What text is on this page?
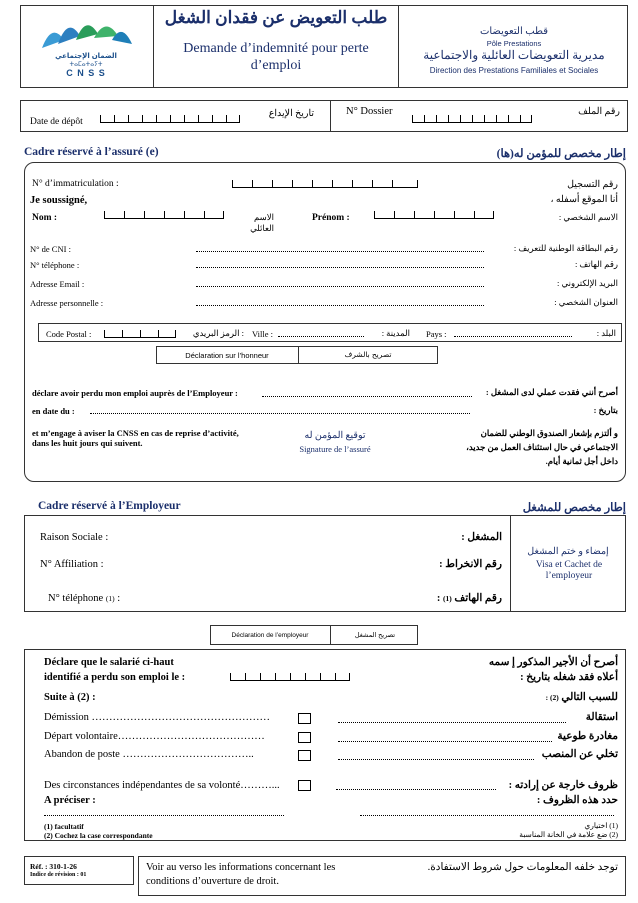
الضمان الإجتماعي
ⵜⴰⵎⴰⵜⴰⵢⵜ
C N S S
طلب التعويض عن فقدان الشغل
Demande d’indemnité pour perte d’emploi
قطب التعويضات
Pôle Prestations
مديرية التعويضات العائلية والاجتماعية
Direction des Prestations Familiales et Sociales
Date de dépôt
تاريخ الإيداع	N° Dossier	رقم الملف
Cadre réservé à l’assuré (e)	إطار مخصص للمؤمن له(ها)
N° d’immatriculation :	رقم التسجيل
Je soussigné,	أنا الموقع أسفله ،
Nom :	الاسم العائلي
Prénom :	الاسم الشخصي :
N° de CNI :	رقم البطاقة الوطنية للتعريف :
N° téléphone :	رقم الهاتف :
Adresse Email :	البريد الإلكتروني :
Adresse personnelle :	العنوان الشخصي :
Code Postal :	: الرمز البريدي Ville :	المدينة : Pays :	البلد :
Déclaration sur l’honneur	تصريح بالشرف
déclare avoir perdu mon emploi auprès de l’Employeur :	أصرح أنني فقدت عملي لدى المشغل :
en date du :	بتاريخ :
et m’engage à aviser la CNSS en cas de reprise d’activité,
dans les huit jours qui suivent.
توقيع المؤمن له
Signature de l’assuré
و ألتزم بإشعار الصندوق الوطني للضمان
الاجتماعي في حال استئناف العمل من جديد،
داخل أجل ثمانية أيام.
Cadre réservé à l’Employeur	إطار مخصص للمشغل
Raison Sociale :	المشغل :
N° Affiliation :	رقم الانخراط :
N° téléphone (1) :	رقم الهاتف (1) :
إمضاء و ختم المشغل
Visa et Cachet de l’employeur
Déclaration de l’employeur	تصريح المشغل
Déclare que le salarié ci-haut
identifié a perdu son emploi le :
أصرح أن الأجير المذكور إ سمه
أعلاه فقد شغله بتاريخ :
Suite à (2) :	للسبب التالي (2) :
Démission ……………………………………………	استقالة
Départ volontaire……………………………………	مغادرة طوعية
Abandon de poste ………………………………..	تخلي عن المنصب
Des circonstances indépendantes de sa volonté………...	ظروف خارجة عن إرادته :
A préciser :	حدد هذه الظروف :
(1) facultatif
(2) Cochez la case correspondante
(1) اختياري
(2) ضع علامة في الخانة المناسبة
Réf. : 310-1-26
Indice de révision : 01
Voir au verso les informations concernant les
conditions d’ouverture de droit.
توجد خلفه المعلومات حول شروط الاستفادة.
